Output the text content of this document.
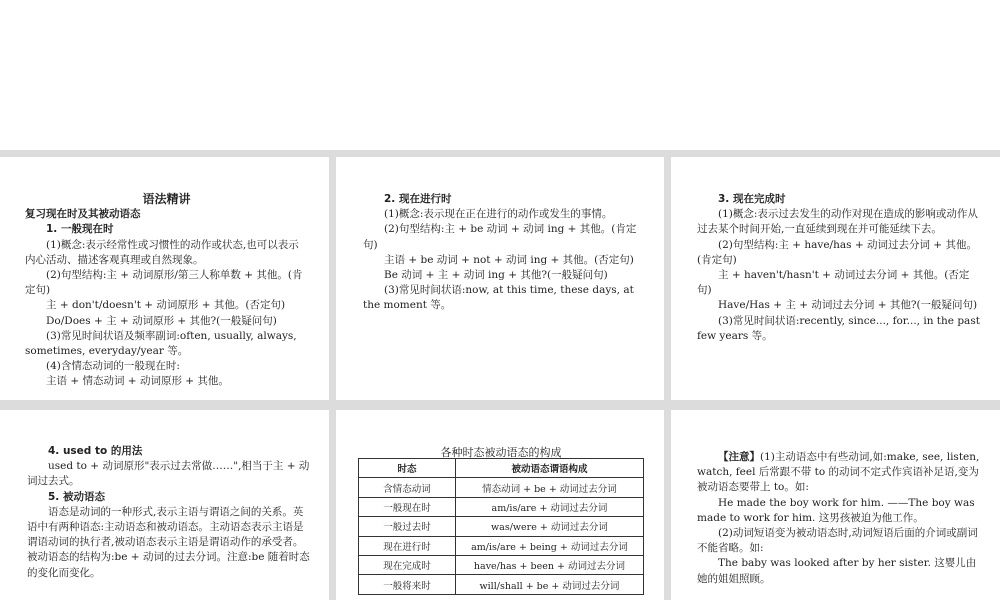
语法精讲

复习现在时及其被动语态

1. 一般现在时

(1)概念:表示经常性或习惯性的动作或状态,也可以表示内心活动、描述客观真理或自然现象。

(2)句型结构:主 + 动词原形/第三人称单数 + 其他。(肯定句)

主 + don't/doesn't + 动词原形 + 其他。(否定句)

Do/Does + 主 + 动词原形 + 其他?(一般疑问句)

(3)常见时间状语及频率副词:often, usually, always, sometimes, everyday/year 等。

(4)含情态动词的一般现在时:

主语 + 情态动词 + 动词原形 + 其他。

2. 现在进行时

(1)概念:表示现在正在进行的动作或发生的事情。

(2)句型结构:主 + be 动词 + 动词 ing + 其他。(肯定句)

主语 + be 动词 + not + 动词 ing + 其他。(否定句)

Be 动词 + 主 + 动词 ing + 其他?(一般疑问句)

(3)常见时间状语:now, at this time, these days, at the moment 等。

3. 现在完成时

(1)概念:表示过去发生的动作对现在造成的影响或动作从过去某个时间开始,一直延续到现在并可能延续下去。

(2)句型结构:主 + have/has + 动词过去分词 + 其他。(肯定句)

主 + haven't/hasn't + 动词过去分词 + 其他。(否定句)

Have/Has + 主 + 动词过去分词 + 其他?(一般疑问句)

(3)常见时间状语:recently, since..., for..., in the past few years 等。

4. used to 的用法

used to + 动词原形"表示过去常做……",相当于主 + 动词过去式。

5. 被动语态

语态是动词的一种形式,表示主语与谓语之间的关系。英语中有两种语态:主动语态和被动语态。主动语态表示主语是谓语动词的执行者,被动语态表示主语是谓语动作的承受者。被动语态的结构为:be + 动词的过去分词。注意:be 随着时态的变化而变化。

各种时态被动语态的构成
时态	被动语态谓语构成
含情态动词	情态动词 + be + 动词过去分词
一般现在时	am/is/are + 动词过去分词
一般过去时	was/were + 动词过去分词
现在进行时	am/is/are + being + 动词过去分词
现在完成时	have/has + been + 动词过去分词
一般将来时	will/shall + be + 动词过去分词

【注意】(1)主动语态中有些动词,如:make, see, listen, watch, feel 后常跟不带 to 的动词不定式作宾语补足语,变为被动语态要带上 to。如:

He made the boy work for him. ——The boy was made to work for him. 这男孩被迫为他工作。

(2)动词短语变为被动语态时,动词短语后面的介词或副词不能省略。如:

The baby was looked after by her sister. 这婴儿由她的姐姐照顾。
